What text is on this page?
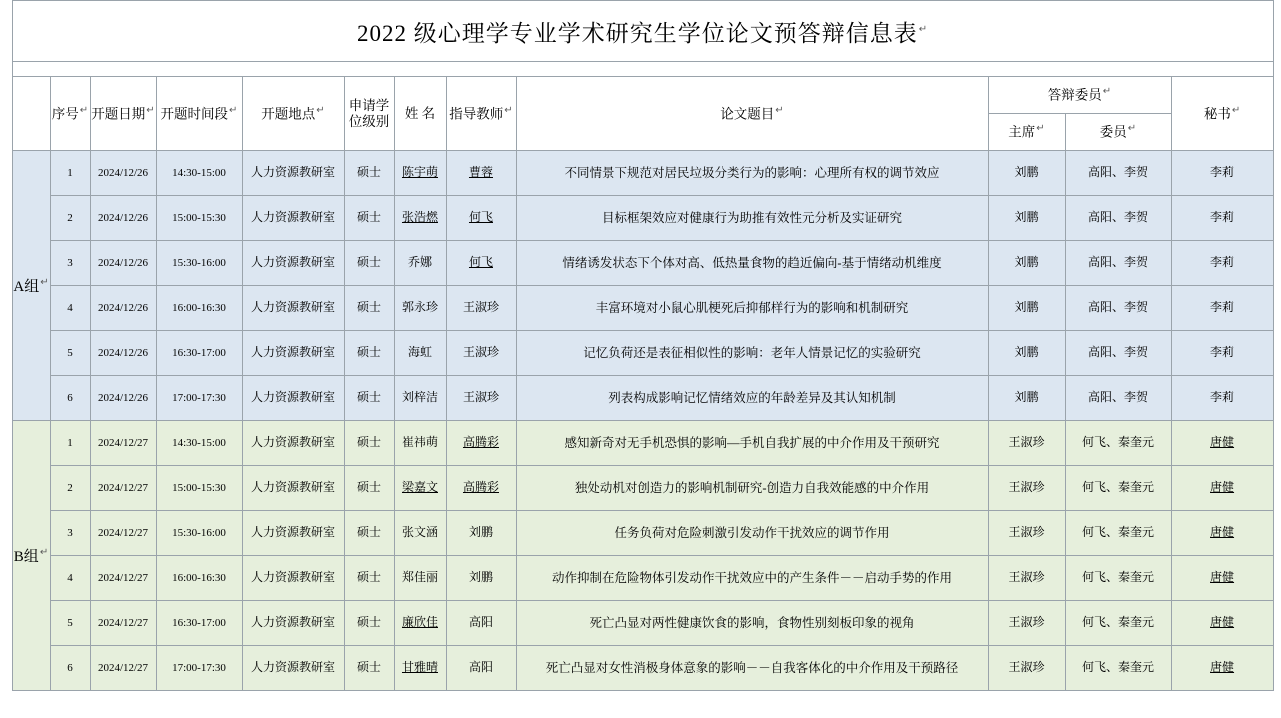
	2022 级心理学专业学术研究生学位论文预答辩信息表↵	

		序号↵	开题日期↵	开题时间段↵	开题地点↵	申请学位级别	姓 名	指导教师↵	论文题目↵	答辩委员↵		秘书↵	
										主席↵	委员↵	
	A组↵	1	2024/12/26	14:30-15:00	人力资源教研室	硕士	陈宇萌	曹蓉	不同情景下规范对居民垃圾分类行为的影响：心理所有权的调节效应	刘鹏	高阳、李贺	李莉	
		2	2024/12/26	15:00-15:30	人力资源教研室	硕士	张浩燃	何飞	目标框架效应对健康行为助推有效性元分析及实证研究	刘鹏	高阳、李贺	李莉	
		3	2024/12/26	15:30-16:00	人力资源教研室	硕士	乔娜	何飞	情绪诱发状态下个体对高、低热量食物的趋近偏向-基于情绪动机维度	刘鹏	高阳、李贺	李莉	
		4	2024/12/26	16:00-16:30	人力资源教研室	硕士	郭永珍	王淑珍	丰富环境对小鼠心肌梗死后抑郁样行为的影响和机制研究	刘鹏	高阳、李贺	李莉	
		5	2024/12/26	16:30-17:00	人力资源教研室	硕士	海虹	王淑珍	记忆负荷还是表征相似性的影响：老年人情景记忆的实验研究	刘鹏	高阳、李贺	李莉	
		6	2024/12/26	17:00-17:30	人力资源教研室	硕士	刘梓洁	王淑珍	列表构成影响记忆情绪效应的年龄差异及其认知机制	刘鹏	高阳、李贺	李莉	
	B组↵	1	2024/12/27	14:30-15:00	人力资源教研室	硕士	崔祎萌	高腾彩	感知新奇对无手机恐惧的影响—手机自我扩展的中介作用及干预研究	王淑珍	何飞、秦奎元	唐健	
		2	2024/12/27	15:00-15:30	人力资源教研室	硕士	梁嘉文	高腾彩	独处动机对创造力的影响机制研究-创造力自我效能感的中介作用	王淑珍	何飞、秦奎元	唐健	
		3	2024/12/27	15:30-16:00	人力资源教研室	硕士	张文涵	刘鹏	任务负荷对危险刺激引发动作干扰效应的调节作用	王淑珍	何飞、秦奎元	唐健	
		4	2024/12/27	16:00-16:30	人力资源教研室	硕士	郑佳丽	刘鹏	动作抑制在危险物体引发动作干扰效应中的产生条件－－启动手势的作用	王淑珍	何飞、秦奎元	唐健	
		5	2024/12/27	16:30-17:00	人力资源教研室	硕士	廉欣佳	高阳	死亡凸显对两性健康饮食的影响，食物性别刻板印象的视角	王淑珍	何飞、秦奎元	唐健	
		6	2024/12/27	17:00-17:30	人力资源教研室	硕士	甘雅晴	高阳	死亡凸显对女性消极身体意象的影响－－自我客体化的中介作用及干预路径	王淑珍	何飞、秦奎元	唐健	
